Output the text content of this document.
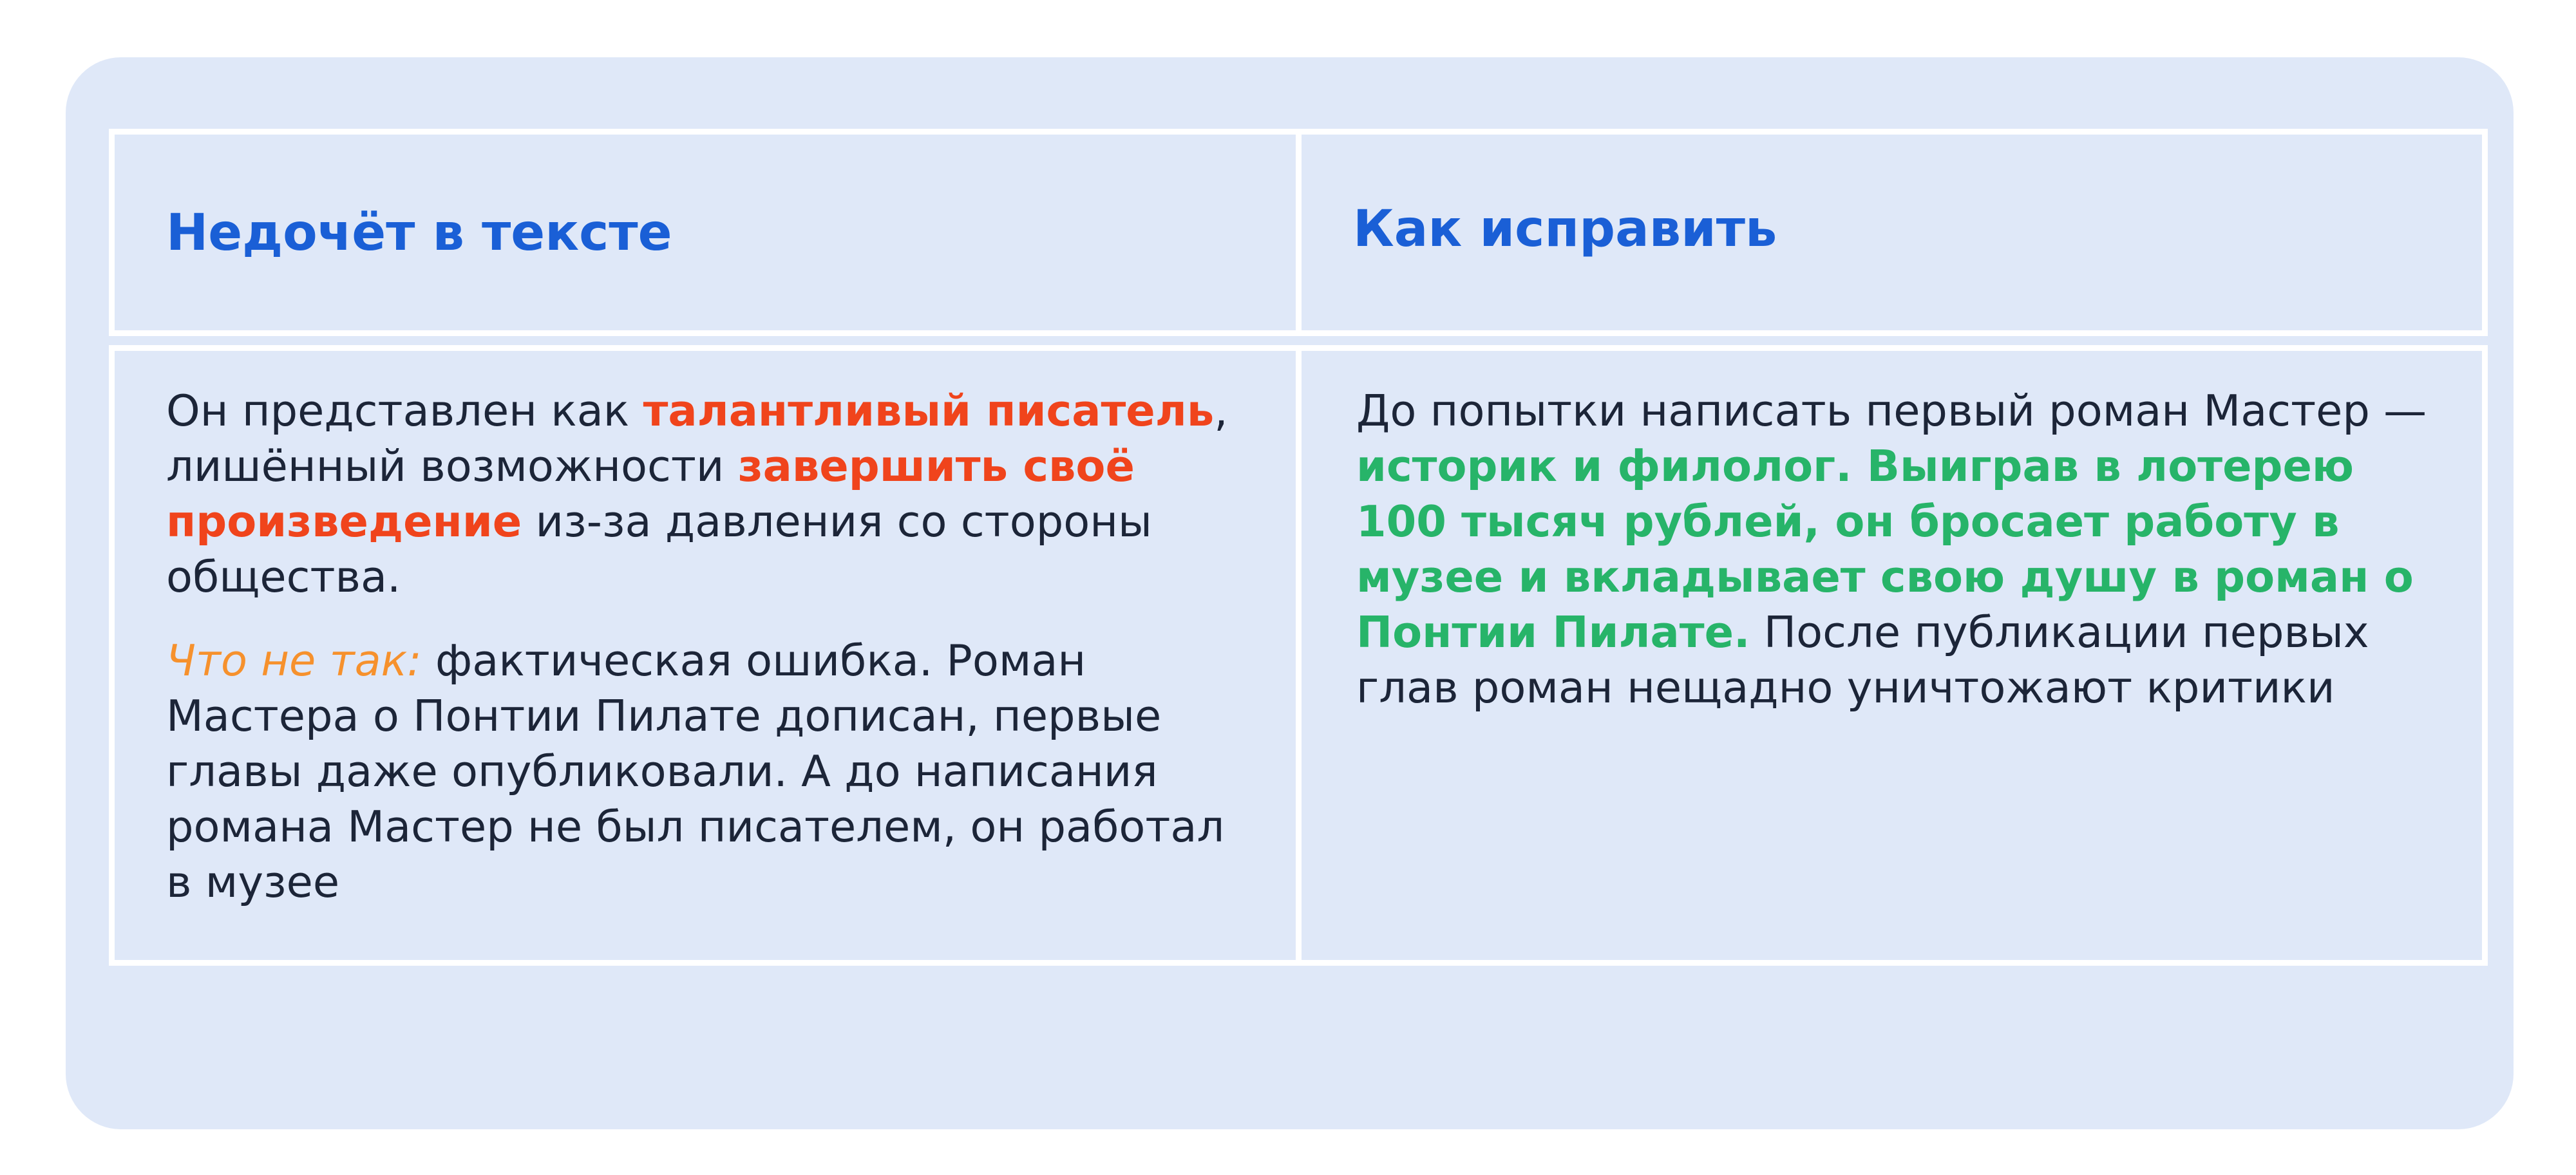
Недочёт в тексте	Как исправить
Он представлен как талантливый писатель, лишённый возможности завершить своё произведение из-за давления со стороны общества.
Что не так: фактическая ошибка. Роман Мастера о Понтии Пилате дописан, первые главы даже опубликовали. А до написания романа Мастер не был писателем, он работал в музее
До попытки написать первый роман Мастер — историк и филолог. Выиграв в лотерею 100 тысяч рублей, он бросает работу в музее и вкладывает свою душу в роман о Понтии Пилате. После публикации первых глав роман нещадно уничтожают критики
